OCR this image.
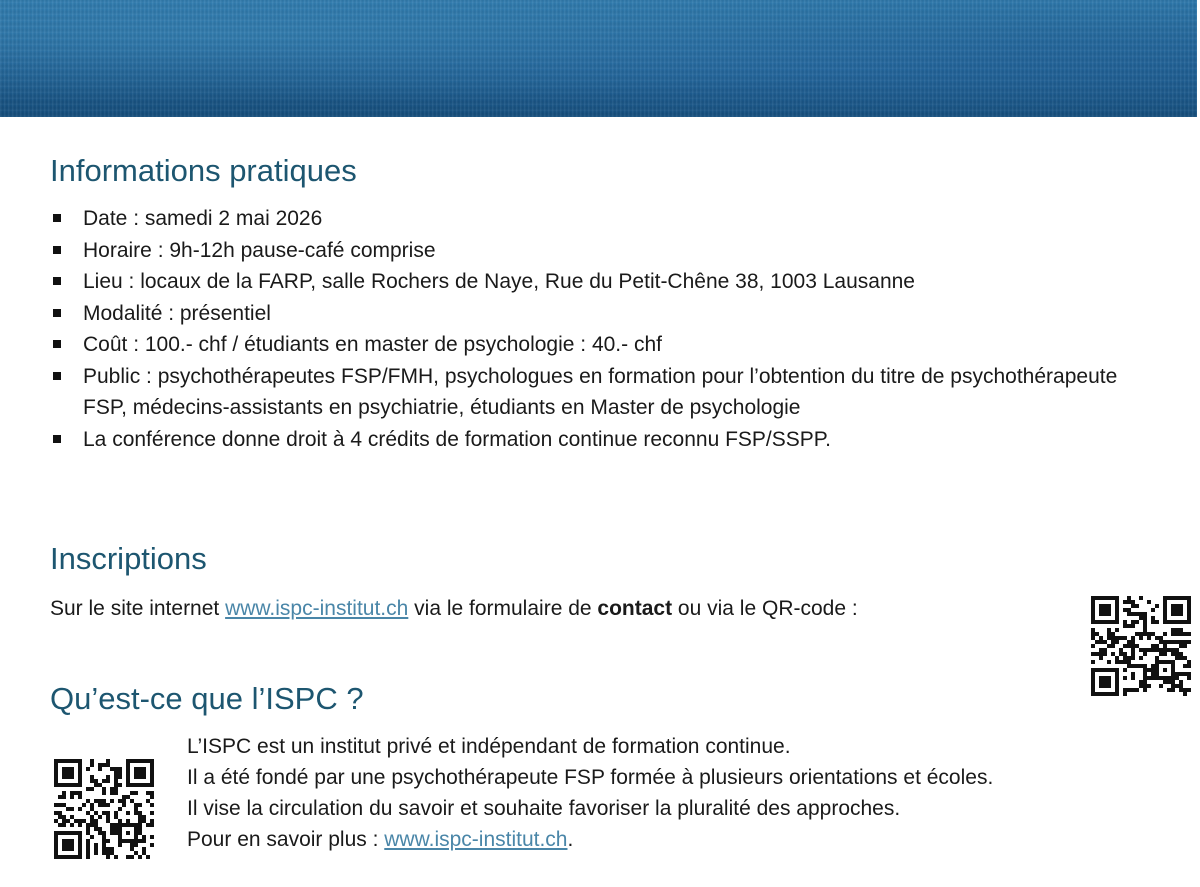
Informations pratiques
Date : samedi 2 mai 2026
Horaire : 9h-12h pause-café comprise
Lieu : locaux de la FARP, salle Rochers de Naye, Rue du Petit-Chêne 38, 1003 Lausanne
Modalité : présentiel
Coût : 100.- chf / étudiants en master de psychologie : 40.- chf
Public : psychothérapeutes FSP/FMH, psychologues en formation pour l’obtention du titre de psychothérapeute FSP, médecins-assistants en psychiatrie, étudiants en Master de psychologie
La conférence donne droit à 4 crédits de formation continue reconnu FSP/SSPP.
Inscriptions
Sur le site internet www.ispc-institut.ch via le formulaire de contact ou via le QR-code :
Qu’est-ce que l’ISPC ?
L’ISPC est un institut privé et indépendant de formation continue.
Il a été fondé par une psychothérapeute FSP formée à plusieurs orientations et écoles.
Il vise la circulation du savoir et souhaite favoriser la pluralité des approches.
Pour en savoir plus : www.ispc-institut.ch.
